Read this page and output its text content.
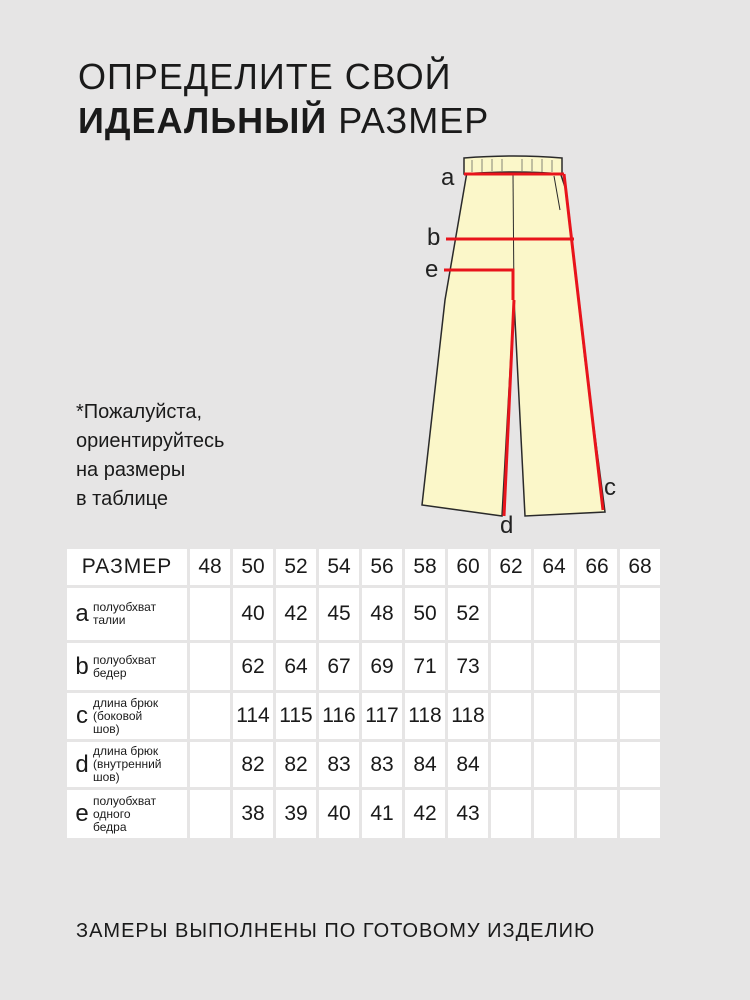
ОПРЕДЕЛИТЕ СВОЙ
ИДЕАЛЬНЫЙ РАЗМЕР
*Пожалуйста,
ориентируйтесь
на размеры
в таблице
a
b
e
c
d
РАЗМЕР	48	50	52	54	56	58	60	62	64	66	68
a полуобхват
талии		40	42	45	48	50	52				
b полуобхват
бедер		62	64	67	69	71	73				
c длина брюк
(боковой
шов)		114	115	116	117	118	118				
d длина брюк
(внутренний
шов)		82	82	83	83	84	84				
e полуобхват
одного
бедра		38	39	40	41	42	43				
ЗАМЕРЫ ВЫПОЛНЕНЫ ПО ГОТОВОМУ ИЗДЕЛИЮ
